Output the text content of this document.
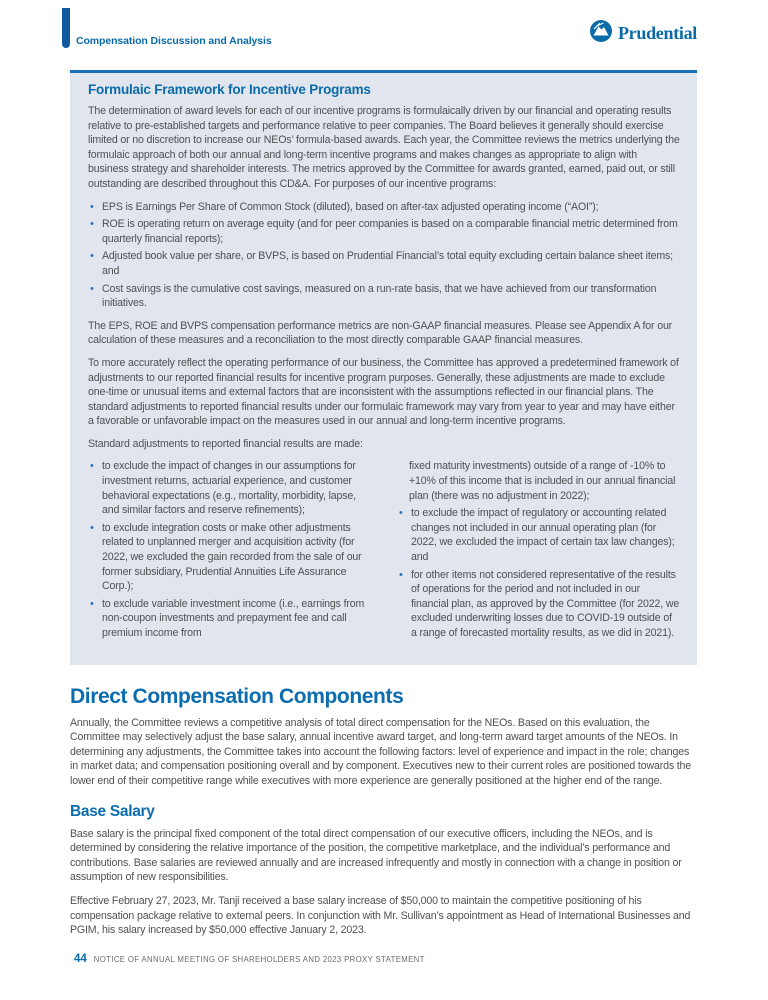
Compensation Discussion and Analysis	Prudential
Formulaic Framework for Incentive Programs

The determination of award levels for each of our incentive programs is formulaically driven by our financial and operating results relative to pre-established targets and performance relative to peer companies. The Board believes it generally should exercise limited or no discretion to increase our NEOs’ formula-based awards. Each year, the Committee reviews the metrics underlying the formulaic approach of both our annual and long-term incentive programs and makes changes as appropriate to align with business strategy and shareholder interests. The metrics approved by the Committee for awards granted, earned, paid out, or still outstanding are described throughout this CD&A. For purposes of our incentive programs:

• EPS is Earnings Per Share of Common Stock (diluted), based on after-tax adjusted operating income (“AOI”);
• ROE is operating return on average equity (and for peer companies is based on a comparable financial metric determined from quarterly financial reports);
• Adjusted book value per share, or BVPS, is based on Prudential Financial’s total equity excluding certain balance sheet items; and
• Cost savings is the cumulative cost savings, measured on a run-rate basis, that we have achieved from our transformation initiatives.

The EPS, ROE and BVPS compensation performance metrics are non-GAAP financial measures. Please see Appendix A for our calculation of these measures and a reconciliation to the most directly comparable GAAP financial measures.

To more accurately reflect the operating performance of our business, the Committee has approved a predetermined framework of adjustments to our reported financial results for incentive program purposes. Generally, these adjustments are made to exclude one-time or unusual items and external factors that are inconsistent with the assumptions reflected in our financial plans. The standard adjustments to reported financial results under our formulaic framework may vary from year to year and may have either a favorable or unfavorable impact on the measures used in our annual and long-term incentive programs.

Standard adjustments to reported financial results are made:

• to exclude the impact of changes in our assumptions for investment returns, actuarial experience, and customer behavioral expectations (e.g., mortality, morbidity, lapse, and similar factors and reserve refinements);
• to exclude integration costs or make other adjustments related to unplanned merger and acquisition activity (for 2022, we excluded the gain recorded from the sale of our former subsidiary, Prudential Annuities Life Assurance Corp.);
• to exclude variable investment income (i.e., earnings from non-coupon investments and prepayment fee and call premium income from

fixed maturity investments) outside of a range of -10% to +10% of this income that is included in our annual financial plan (there was no adjustment in 2022);

• to exclude the impact of regulatory or accounting related changes not included in our annual operating plan (for 2022, we excluded the impact of certain tax law changes); and
• for other items not considered representative of the results of operations for the period and not included in our financial plan, as approved by the Committee (for 2022, we excluded underwriting losses due to COVID-19 outside of a range of forecasted mortality results, as we did in 2021).
Direct Compensation Components

Annually, the Committee reviews a competitive analysis of total direct compensation for the NEOs. Based on this evaluation, the Committee may selectively adjust the base salary, annual incentive award target, and long-term award target amounts of the NEOs. In determining any adjustments, the Committee takes into account the following factors: level of experience and impact in the role; changes in market data; and compensation positioning overall and by component. Executives new to their current roles are positioned towards the lower end of their competitive range while executives with more experience are generally positioned at the higher end of the range.

Base Salary

Base salary is the principal fixed component of the total direct compensation of our executive officers, including the NEOs, and is determined by considering the relative importance of the position, the competitive marketplace, and the individual’s performance and contributions. Base salaries are reviewed annually and are increased infrequently and mostly in connection with a change in position or assumption of new responsibilities.

Effective February 27, 2023, Mr. Tanji received a base salary increase of $50,000 to maintain the competitive positioning of his compensation package relative to external peers. In conjunction with Mr. Sullivan’s appointment as Head of International Businesses and PGIM, his salary increased by $50,000 effective January 2, 2023.

44 NOTICE OF ANNUAL MEETING OF SHAREHOLDERS AND 2023 PROXY STATEMENT
